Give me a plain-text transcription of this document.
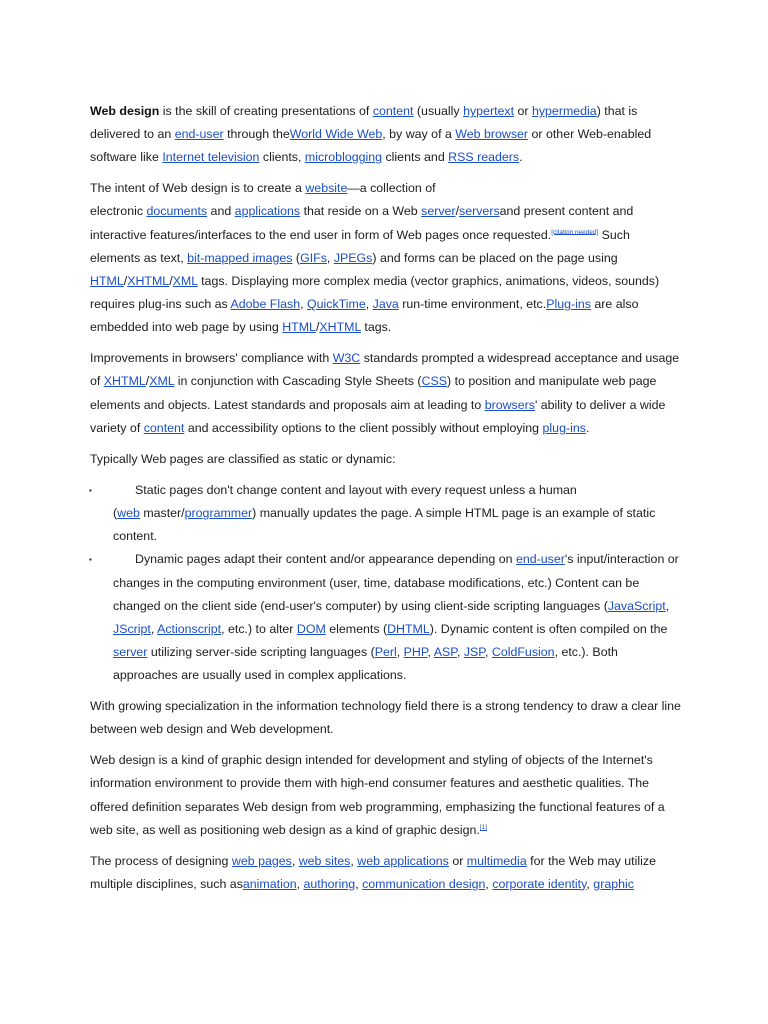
Web design is the skill of creating presentations of content (usually hypertext or hypermedia) that is delivered to an end-user through theWorld Wide Web, by way of a Web browser or other Web-enabled software like Internet television clients, microblogging clients and RSS readers.

The intent of Web design is to create a website—a collection of
electronic documents and applications that reside on a Web server/serversand present content and interactive features/interfaces to the end user in form of Web pages once requested.[citation needed] Such elements as text, bit-mapped images (GIFs, JPEGs) and forms can be placed on the page using HTML/XHTML/XML tags. Displaying more complex media (vector graphics, animations, videos, sounds) requires plug-ins such as Adobe Flash, QuickTime, Java run-time environment, etc.Plug-ins are also embedded into web page by using HTML/XHTML tags.

Improvements in browsers' compliance with W3C standards prompted a widespread acceptance and usage of XHTML/XML in conjunction with Cascading Style Sheets (CSS) to position and manipulate web page elements and objects. Latest standards and proposals aim at leading to browsers' ability to deliver a wide variety of content and accessibility options to the client possibly without employing plug-ins.

Typically Web pages are classified as static or dynamic:

▪	Static pages don't change content and layout with every request unless a human
(web master/programmer) manually updates the page. A simple HTML page is an example of static content.
▪	Dynamic pages adapt their content and/or appearance depending on end-user's input/interaction or changes in the computing environment (user, time, database modifications, etc.) Content can be changed on the client side (end-user's computer) by using client-side scripting languages (JavaScript, JScript, Actionscript, etc.) to alter DOM elements (DHTML). Dynamic content is often compiled on the server utilizing server-side scripting languages (Perl, PHP, ASP, JSP, ColdFusion, etc.). Both approaches are usually used in complex applications.

With growing specialization in the information technology field there is a strong tendency to draw a clear line between web design and Web development.

Web design is a kind of graphic design intended for development and styling of objects of the Internet's information environment to provide them with high-end consumer features and aesthetic qualities. The offered definition separates Web design from web programming, emphasizing the functional features of a web site, as well as positioning web design as a kind of graphic design.[1]

The process of designing web pages, web sites, web applications or multimedia for the Web may utilize multiple disciplines, such asanimation, authoring, communication design, corporate identity, graphic
